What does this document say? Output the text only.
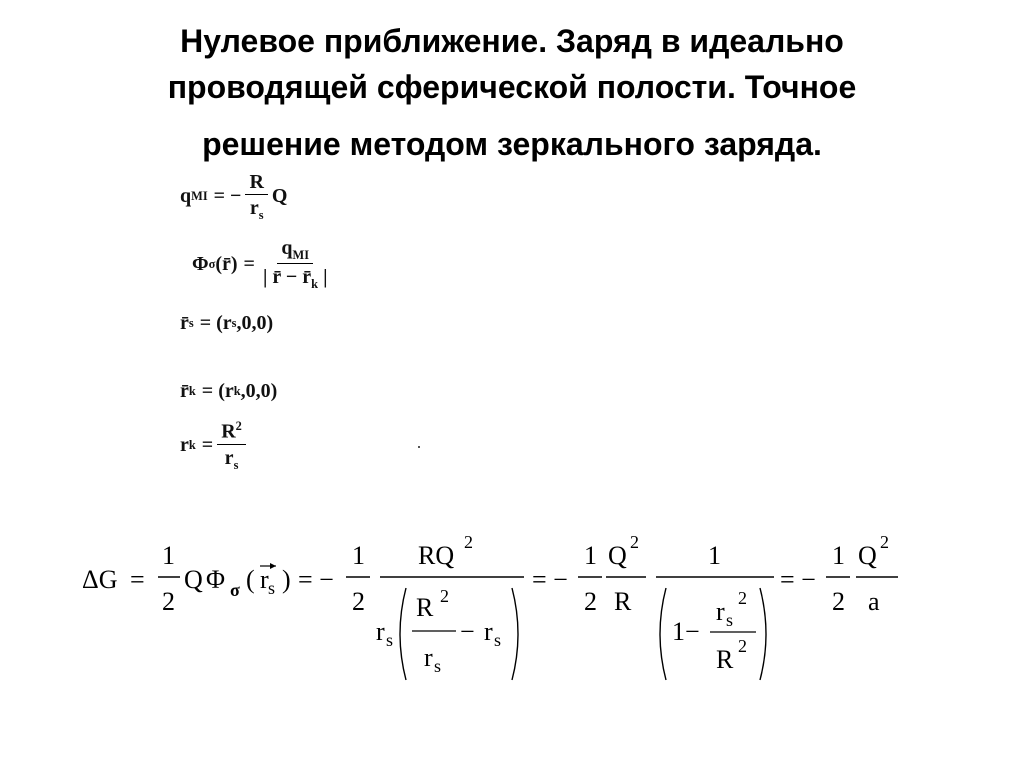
Нулевое приближение. Заряд в идеально
проводящей сферической полости. Точное
решение методом зеркального заряда.
q MI = − $\frac{R}{r_s}$ Q
Φ σ (r̄) = $\frac{q_{MI}}{| r̄ - r̄_k |}$
r̄ s = (r s ,0,0)
r̄ k = (r k ,0,0)
r $k = \frac{R^2}{r_s}$
ΔG =
1
2
Q Φ σ ( r s ) = −
1
2
RQ 2
r s
R 2
r s
− r s
= −
1
2
Q 2
R
1
1−
r s
2
R 2
= −
1
2
Q 2
a
